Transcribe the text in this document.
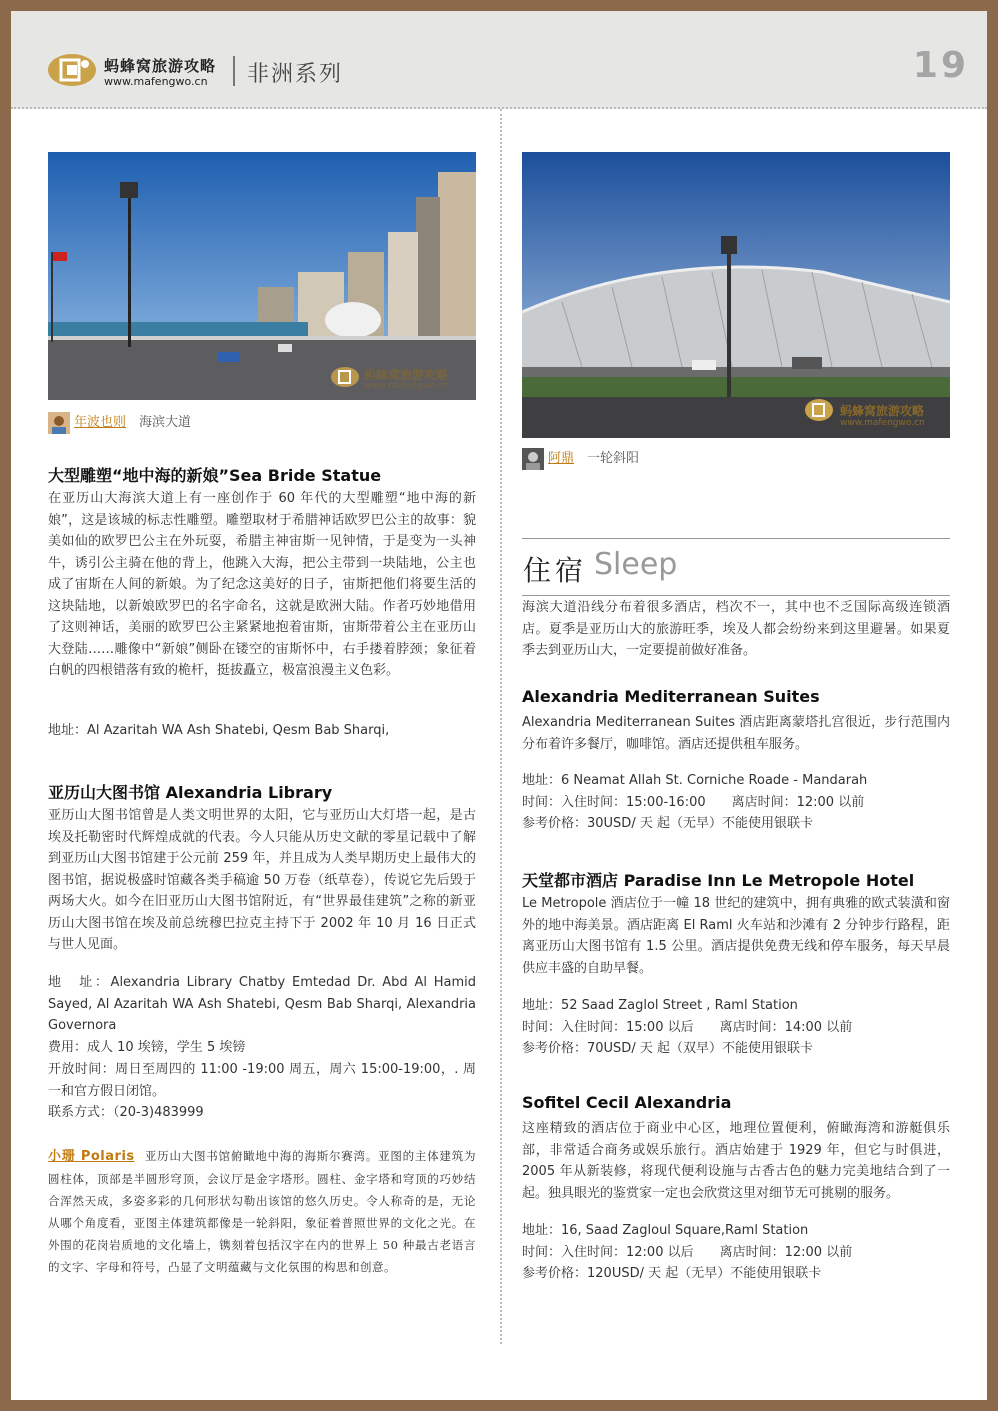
蚂蜂窝旅游攻略
www.mafengwo.cn 非洲系列	19
蚂蜂窝旅游攻略
www.mafengwo.cn
年波也则　 海滨大道
大型雕塑“地中海的新娘”Sea Bride Statue

在亚历山大海滨大道上有一座创作于 60 年代的大型雕塑“地中海的新娘”，这是该城的标志性雕塑。雕塑取材于希腊神话欧罗巴公主的故事：貌美如仙的欧罗巴公主在外玩耍，希腊主神宙斯一见钟情，于是变为一头神牛，诱引公主骑在他的背上，他跳入大海，把公主带到一块陆地，公主也成了宙斯在人间的新娘。为了纪念这美好的日子，宙斯把他们将要生活的这块陆地，以新娘欧罗巴的名字命名，这就是欧洲大陆。作者巧妙地借用了这则神话，美丽的欧罗巴公主紧紧地抱着宙斯，宙斯带着公主在亚历山大登陆……雕像中“新娘”侧卧在镂空的宙斯怀中，右手搂着脖颈；象征着白帆的四根错落有致的桅杆，挺拔矗立，极富浪漫主义色彩。

地址：Al Azaritah WA Ash Shatebi, Qesm Bab Sharqi,
亚历山大图书馆 Alexandria Library

亚历山大图书馆曾是人类文明世界的太阳，它与亚历山大灯塔一起，是古埃及托勒密时代辉煌成就的代表。今人只能从历史文献的零星记载中了解到亚历山大图书馆建于公元前 259 年，并且成为人类早期历史上最伟大的图书馆，据说极盛时馆藏各类手稿逾 50 万卷（纸草卷），传说它先后毁于两场大火。如今在旧亚历山大图书馆附近，有“世界最佳建筑”之称的新亚历山大图书馆在埃及前总统穆巴拉克主持下于 2002 年 10 月 16 日正式与世人见面。

地　址：Alexandria Library Chatby Emtedad Dr. Abd Al Hamid Sayed, Al Azaritah WA Ash Shatebi, Qesm Bab Sharqi, Alexandria Governora

费用：成人 10 埃镑，学生 5 埃镑

开放时间：周日至周四的 11:00 -19:00 周五，周六 15:00-19:00，. 周一和官方假日闭馆。

联系方式：（20-3)483999

小珊 Polaris 亚历山大图书馆俯瞰地中海的海斯尔赛湾。亚图的主体建筑为圆柱体，顶部是半圆形穹顶，会议厅是金字塔形。圆柱、金字塔和穹顶的巧妙结合浑然天成，多姿多彩的几何形状勾勒出该馆的悠久历史。令人称奇的是，无论从哪个角度看，亚图主体建筑都像是一轮斜阳，象征着普照世界的文化之光。在外围的花岗岩质地的文化墙上，镌刻着包括汉字在内的世界上 50 种最古老语言的文字、字母和符号，凸显了文明蕴藏与文化氛围的构思和创意。

蚂蜂窝旅游攻略
www.mafengwo.cn
阿鼎　 一轮斜阳
住宿 Sleep

海滨大道沿线分布着很多酒店，档次不一，其中也不乏国际高级连锁酒店。夏季是亚历山大的旅游旺季，埃及人都会纷纷来到这里避暑。如果夏季去到亚历山大，一定要提前做好准备。

Alexandria Mediterranean Suites

Alexandria Mediterranean Suites 酒店距离蒙塔扎宫很近，步行范围内分布着许多餐厅，咖啡馆。酒店还提供租车服务。

地址：6 Neamat Allah St. Corniche Roade - Mandarah
时间：入住时间：15:00-16:00　　离店时间：12:00 以前
参考价格：30USD/ 天 起（无早）不能使用银联卡
天堂都市酒店 Paradise Inn Le Metropole Hotel

Le Metropole 酒店位于一幢 18 世纪的建筑中，拥有典雅的欧式装潢和窗外的地中海美景。酒店距离 El Raml 火车站和沙滩有 2 分钟步行路程，距离亚历山大图书馆有 1.5 公里。酒店提供免费无线和停车服务，每天早晨供应丰盛的自助早餐。

地址：52 Saad Zaglol Street , Raml Station
时间：入住时间：15:00 以后　　离店时间：14:00 以前
参考价格：70USD/ 天 起（双早）不能使用银联卡
Sofitel Cecil Alexandria

这座精致的酒店位于商业中心区，地理位置便利，俯瞰海湾和游艇俱乐部，非常适合商务或娱乐旅行。酒店始建于 1929 年，但它与时俱进，2005 年从新装修，将现代便利设施与古香古色的魅力完美地结合到了一起。独具眼光的鉴赏家一定也会欣赏这里对细节无可挑剔的服务。

地址：16, Saad Zagloul Square,Raml Station
时间：入住时间：12:00 以后　　离店时间：12:00 以前
参考价格：120USD/ 天 起（无早）不能使用银联卡
